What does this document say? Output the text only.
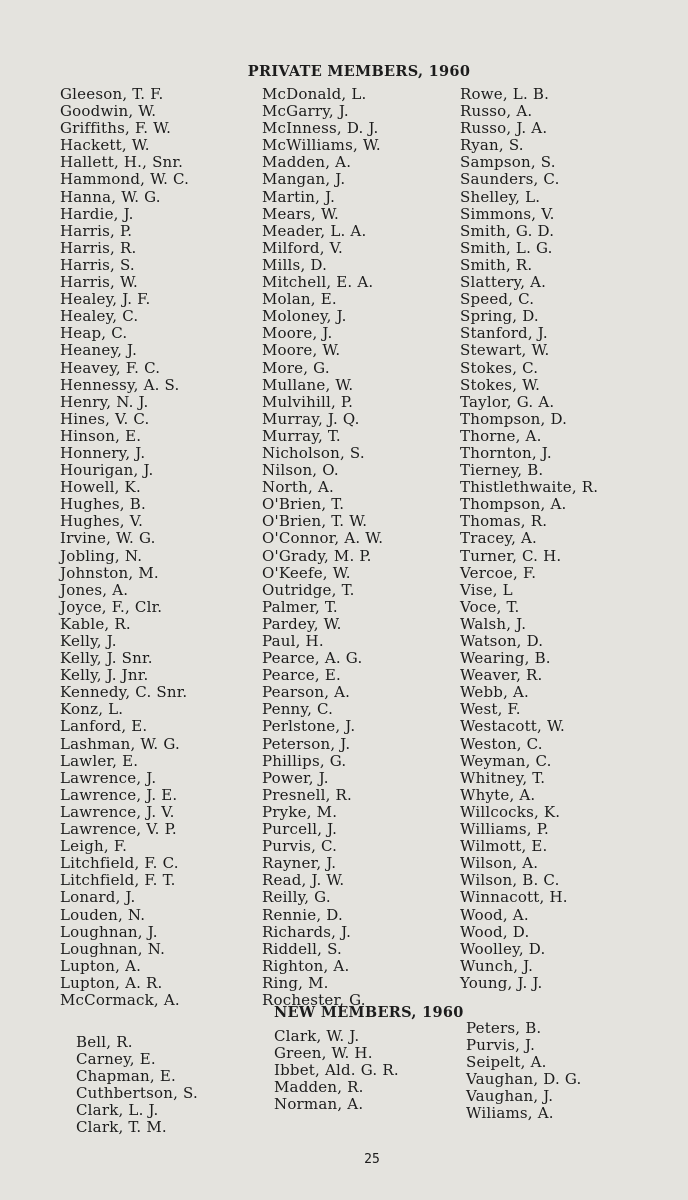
PRIVATE MEMBERS, 1960
Gleeson, T. F.
Goodwin, W.
Griffiths, F. W.
Hackett, W.
Hallett, H., Snr.
Hammond, W. C.
Hanna, W. G.
Hardie, J.
Harris, P.
Harris, R.
Harris, S.
Harris, W.
Healey, J. F.
Healey, C.
Heap, C.
Heaney, J.
Heavey, F. C.
Hennessy, A. S.
Henry, N. J.
Hines, V. C.
Hinson, E.
Honnery, J.
Hourigan, J.
Howell, K.
Hughes, B.
Hughes, V.
Irvine, W. G.
Jobling, N.
Johnston, M.
Jones, A.
Joyce, F., Clr.
Kable, R.
Kelly, J.
Kelly, J. Snr.
Kelly, J. Jnr.
Kennedy, C. Snr.
Konz, L.
Lanford, E.
Lashman, W. G.
Lawler, E.
Lawrence, J.
Lawrence, J. E.
Lawrence, J. V.
Lawrence, V. P.
Leigh, F.
Litchfield, F. C.
Litchfield, F. T.
Lonard, J.
Louden, N.
Loughnan, J.
Loughnan, N.
Lupton, A.
Lupton, A. R.
McCormack, A.
McDonald, L.
McGarry, J.
McInness, D. J.
McWilliams, W.
Madden, A.
Mangan, J.
Martin, J.
Mears, W.
Meader, L. A.
Milford, V.
Mills, D.
Mitchell, E. A.
Molan, E.
Moloney, J.
Moore, J.
Moore, W.
More, G.
Mullane, W.
Mulvihill, P.
Murray, J. Q.
Murray, T.
Nicholson, S.
Nilson, O.
North, A.
O'Brien, T.
O'Brien, T. W.
O'Connor, A. W.
O'Grady, M. P.
O'Keefe, W.
Outridge, T.
Palmer, T.
Pardey, W.
Paul, H.
Pearce, A. G.
Pearce, E.
Pearson, A.
Penny, C.
Perlstone, J.
Peterson, J.
Phillips, G.
Power, J.
Presnell, R.
Pryke, M.
Purcell, J.
Purvis, C.
Rayner, J.
Read, J. W.
Reilly, G.
Rennie, D.
Richards, J.
Riddell, S.
Righton, A.
Ring, M.
Rochester, G.
Rowe, L. B.
Russo, A.
Russo, J. A.
Ryan, S.
Sampson, S.
Saunders, C.
Shelley, L.
Simmons, V.
Smith, G. D.
Smith, L. G.
Smith, R.
Slattery, A.
Speed, C.
Spring, D.
Stanford, J.
Stewart, W.
Stokes, C.
Stokes, W.
Taylor, G. A.
Thompson, D.
Thorne, A.
Thornton, J.
Tierney, B.
Thistlethwaite, R.
Thompson, A.
Thomas, R.
Tracey, A.
Turner, C. H.
Vercoe, F.
Vise, L
Voce, T.
Walsh, J.
Watson, D.
Wearing, B.
Weaver, R.
Webb, A.
West, F.
Westacott, W.
Weston, C.
Weyman, C.
Whitney, T.
Whyte, A.
Willcocks, K.
Williams, P.
Wilmott, E.
Wilson, A.
Wilson, B. C.
Winnacott, H.
Wood, A.
Wood, D.
Woolley, D.
Wunch, J.
Young, J. J.
NEW MEMBERS, 1960
Bell, R.
Carney, E.
Chapman, E.
Cuthbertson, S.
Clark, L. J.
Clark, T. M.
Clark, W. J.
Green, W. H.
Ibbet, Ald. G. R.
Madden, R.
Norman, A.
Peters, B.
Purvis, J.
Seipelt, A.
Vaughan, D. G.
Vaughan, J.
Wiliams, A.
25
